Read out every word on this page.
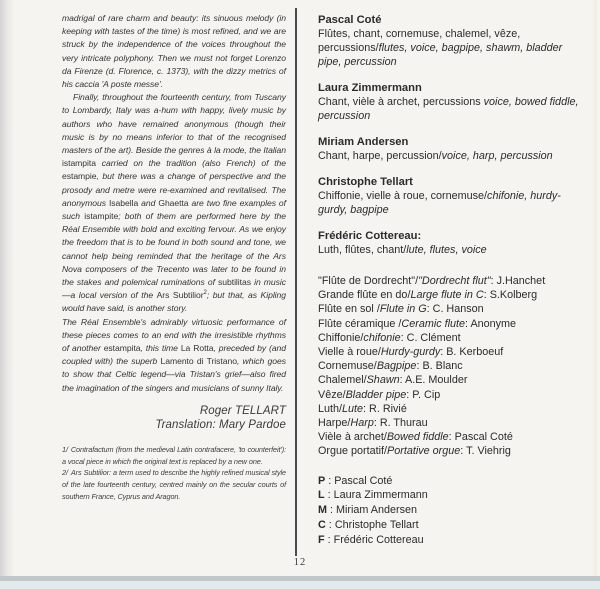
madrigal of rare charm and beauty: its sinuous melody (in keeping with tastes of the time) is most refined, and we are struck by the independence of the voices throughout the very intricate polyphony. Then we must not forget Lorenzo da Firenze (d. Florence, c. 1373), with the dizzy metrics of his caccia 'A poste messe'.

Finally, throughout the fourteenth century, from Tuscany to Lombardy, Italy was a-hum with happy, lively music by authors who have remained anonymous (though their music is by no means inferior to that of the recognised masters of the art). Beside the genres à la mode, the Italian istampita carried on the tradition (also French) of the estampie, but there was a change of perspective and the prosody and metre were re-examined and revitalised. The anonymous Isabella and Ghaetta are two fine examples of such istampite; both of them are performed here by the Réal Ensemble with bold and exciting fervour. As we enjoy the freedom that is to be found in both sound and tone, we cannot help being reminded that the heritage of the Ars Nova composers of the Trecento was later to be found in the stakes and polemical ruminations of subtilitas in music—a local version of the Ars Subtilior$^2$; but that, as Kipling would have said, is another story.

The Réal Ensemble's admirably virtuosic performance of these pieces comes to an end with the irresistible rhythms of another estampita, this time La Rotta, preceded by (and coupled with) the superb Lamento di Tristano, which goes to show that Celtic legend—via Tristan's grief—also fired the imagination of the singers and musicians of sunny Italy.

Roger TELLART
Translation: Mary Pardoe

1/ Contrafactum (from the medieval Latin contrafacere, 'to counterfeit'): a vocal piece in which the original text is replaced by a new one.

2/ Ars Subtilior: a term used to describe the highly refined musical style of the late fourteenth century, centred mainly on the secular courts of southern France, Cyprus and Aragon.

Pascal Coté
Flûtes, chant, cornemuse, chalemel, vêze, percussions/flutes, voice, bagpipe, shawm, bladder pipe, percussion
Laura Zimmermann
Chant, vièle à archet, percussions voice, bowed fiddle, percussion
Miriam Andersen
Chant, harpe, percussion/voice, harp, percussion
Christophe Tellart
Chiffonie, vielle à roue, cornemuse/chifonie, hurdy-gurdy, bagpipe
Frédéric Cottereau:
Luth, flûtes, chant/lute, flutes, voice
"Flûte de Dordrecht"/"Dordrecht flut": J.Hanchet
Grande flûte en do/Large flute in C: S.Kolberg
Flûte en sol /Flute in G: C. Hanson
Flûte céramique /Ceramic flute: Anonyme
Chiffonie/chifonie: C. Clément
Vielle à roue/Hurdy-gurdy: B. Kerboeuf
Cornemuse/Bagpipe: B. Blanc
Chalemel/Shawn: A.E. Moulder
Vêze/Bladder pipe: P. Cip
Luth/Lute: R. Rivié
Harpe/Harp: R. Thurau
Vièle à archet/Bowed fiddle: Pascal Coté
Orgue portatif/Portative orgue: T. Viehrig
P : Pascal Coté
L : Laura Zimmermann
M : Miriam Andersen
C : Christophe Tellart
F : Frédéric Cottereau
12
